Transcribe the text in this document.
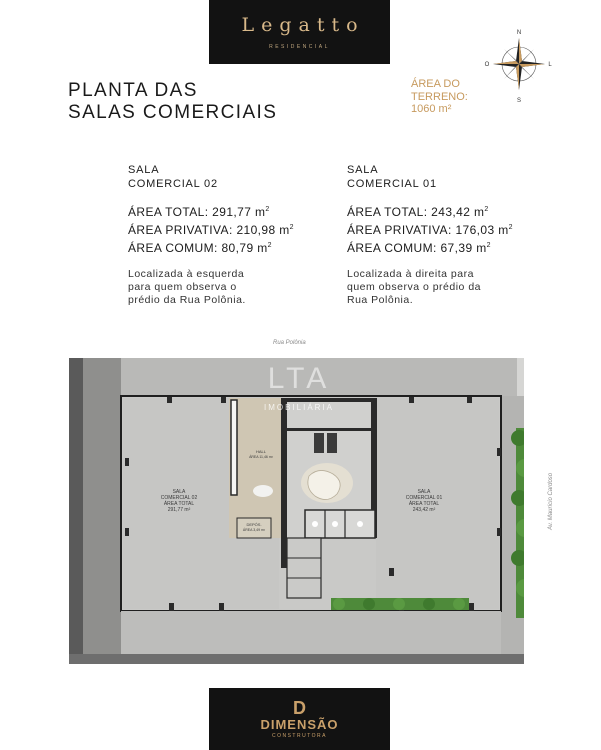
Legatto
RESIDENCIAL
N
S
L
O
PLANTA DAS
SALAS COMERCIAIS
ÁREA DO
TERRENO:
1060 m²
SALA
COMERCIAL 02
ÁREA TOTAL: 291,77 $m^2$
ÁREA PRIVATIVA: 210,98 $m^2$
ÁREA COMUM: 80,79 $m^2$
Localizada à esquerda para quem observa o prédio da Rua Polônia.
SALA
COMERCIAL 01
ÁREA TOTAL: 243,42 $m^2$
ÁREA PRIVATIVA: 176,03 $m^2$
ÁREA COMUM: 67,39 $m^2$
Localizada à direita para quem observa o prédio da Rua Polônia.
Rua Polônia
LTA
IMOBILIÁRIA
SALA
COMERCIAL 02
ÁREA TOTAL
291,77 m²
SALA
COMERCIAL 01
ÁREA TOTAL
243,42 m²
HALL
ÁREA 11,46 m²
DEPÓS.
ÁREA 3,49 m²	Av. Maurício Cardoso
D
DIMENSÃO
CONSTRUTORA
